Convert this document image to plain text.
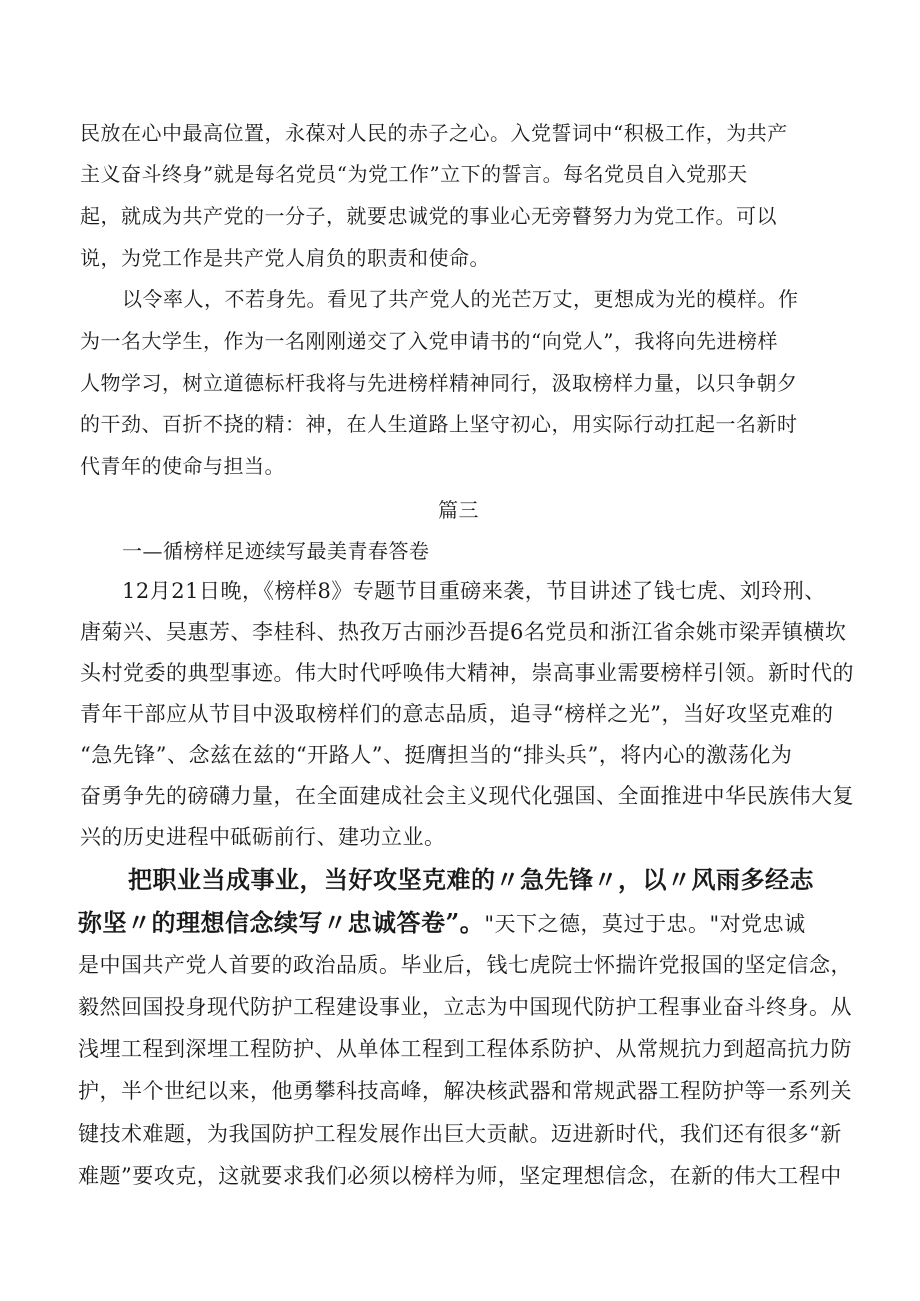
民放在心中最高位置，永葆对人民的赤子之心。入党誓词中“积极工作，为共产

主义奋斗终身”就是每名党员“为党工作”立下的誓言。每名党员自入党那天

起，就成为共产党的一分子，就要忠诚党的事业心无旁瞽努力为党工作。可以

说，为党工作是共产党人肩负的职责和使命。

以令率人，不若身先。看见了共产党人的光芒万丈，更想成为光的模样。作

为一名大学生，作为一名刚刚递交了入党申请书的“向党人”，我将向先进榜样

人物学习，树立道德标杆我将与先进榜样精神同行，汲取榜样力量，以只争朝夕

的干劲、百折不挠的精：神，在人生道路上坚守初心，用实际行动扛起一名新时

代青年的使命与担当。

篇三

一—循榜样足迹续写最美青春答卷

12月21日晚，《榜样8》专题节目重磅来袭，节目讲述了钱七虎、刘玲刑、

唐菊兴、吴惠芳、李桂科、热孜万古丽沙吾提6名党员和浙江省余姚市梁弄镇横坎

头村党委的典型事迹。伟大时代呼唤伟大精神，崇高事业需要榜样引领。新时代的

青年干部应从节目中汲取榜样们的意志品质，追寻“榜样之光”，当好攻坚克难的

“急先锋”、念兹在兹的“开路人”、挺膺担当的“排头兵”，将内心的激荡化为

奋勇争先的磅礴力量，在全面建成社会主义现代化强国、全面推进中华民族伟大复

兴的历史进程中砥砺前行、建功立业。

把职业当成事业，当好攻坚克难的〃急先锋〃，以〃风雨多经志

弥坚〃的理想信念续写〃忠诚答卷”。"天下之德，莫过于忠。"对党忠诚

是中国共产党人首要的政治品质。毕业后，钱七虎院士怀揣许党报国的坚定信念，

毅然回国投身现代防护工程建设事业，立志为中国现代防护工程事业奋斗终身。从

浅埋工程到深埋工程防护、从单体工程到工程体系防护、从常规抗力到超高抗力防

护，半个世纪以来，他勇攀科技高峰，解决核武器和常规武器工程防护等一系列关

键技术难题，为我国防护工程发展作出巨大贡献。迈进新时代，我们还有很多“新

难题”要攻克，这就要求我们必须以榜样为师，坚定理想信念，在新的伟大工程中
